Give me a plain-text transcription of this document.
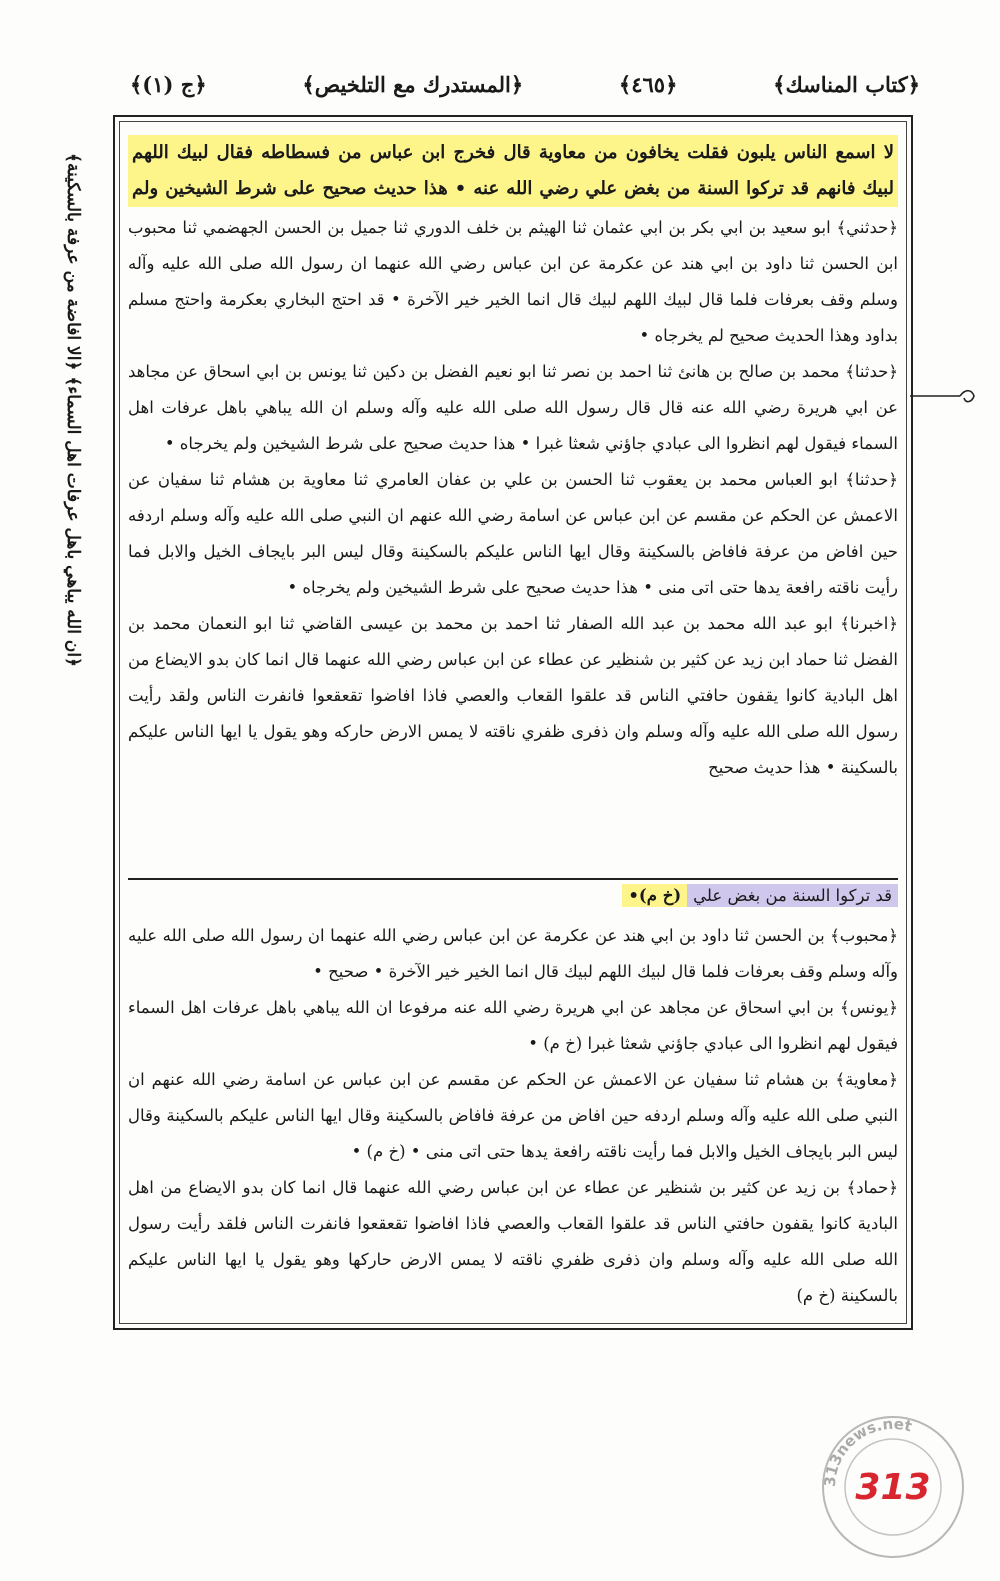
﴿ج (١)﴾	﴿المستدرك مع التلخيص﴾	﴿٤٦٥﴾	﴿كتاب المناسك﴾

لا اسمع الناس يلبون فقلت يخافون من معاوية قال فخرج ابن عباس من فسطاطه فقال لبيك اللهم لبيك فانهم قد تركوا السنة من بغض علي رضي الله عنه • هذا حديث صحيح على شرط الشيخين ولم

﴿حدثني﴾ ابو سعيد بن ابي بكر بن ابي عثمان ثنا الهيثم بن خلف الدوري ثنا جميل بن الحسن الجهضمي ثنا محبوب ابن الحسن ثنا داود بن ابي هند عن عكرمة عن ابن عباس رضي الله عنهما ان رسول الله صلى الله عليه وآله وسلم وقف بعرفات فلما قال لبيك اللهم لبيك قال انما الخير خير الآخرة • قد احتج البخاري بعكرمة واحتج مسلم بداود وهذا الحديث صحيح لم يخرجاه •

﴿حدثنا﴾ محمد بن صالح بن هانئ ثنا احمد بن نصر ثنا ابو نعيم الفضل بن دكين ثنا يونس بن ابي اسحاق عن مجاهد عن ابي هريرة رضي الله عنه قال قال رسول الله صلى الله عليه وآله وسلم ان الله يباهي باهل عرفات اهل السماء فيقول لهم انظروا الى عبادي جاؤني شعثا غبرا • هذا حديث صحيح على شرط الشيخين ولم يخرجاه •

﴿حدثنا﴾ ابو العباس محمد بن يعقوب ثنا الحسن بن علي بن عفان العامري ثنا معاوية بن هشام ثنا سفيان عن الاعمش عن الحكم عن مقسم عن ابن عباس عن اسامة رضي الله عنهم ان النبي صلى الله عليه وآله وسلم اردفه حين افاض من عرفة فافاض بالسكينة وقال ايها الناس عليكم بالسكينة وقال ليس البر بايجاف الخيل والابل فما رأيت ناقته رافعة يدها حتى اتى منى • هذا حديث صحيح على شرط الشيخين ولم يخرجاه •

﴿اخبرنا﴾ ابو عبد الله محمد بن عبد الله الصفار ثنا احمد بن محمد بن عيسى القاضي ثنا ابو النعمان محمد بن الفضل ثنا حماد ابن زيد عن كثير بن شنظير عن عطاء عن ابن عباس رضي الله عنهما قال انما كان بدو الايضاع من اهل البادية كانوا يقفون حافتي الناس قد علقوا القعاب والعصي فاذا افاضوا تقعقعوا فانفرت الناس ولقد رأيت رسول الله صلى الله عليه وآله وسلم وان ذفرى ظفري ناقته لا يمس الارض حاركه وهو يقول يا ايها الناس عليكم بالسكينة • هذا حديث صحيح

قد تركوا السنة من بغض علي
(خ م)•

﴿محبوب﴾ بن الحسن ثنا داود بن ابي هند عن عكرمة عن ابن عباس رضي الله عنهما ان رسول الله صلى الله عليه وآله وسلم وقف بعرفات فلما قال لبيك اللهم لبيك قال انما الخير خير الآخرة • صحيح •

﴿يونس﴾ بن ابي اسحاق عن مجاهد عن ابي هريرة رضي الله عنه مرفوعا ان الله يباهي باهل عرفات اهل السماء فيقول لهم انظروا الى عبادي جاؤني شعثا غبرا (خ م) •

﴿معاوية﴾ بن هشام ثنا سفيان عن الاعمش عن الحكم عن مقسم عن ابن عباس عن اسامة رضي الله عنهم ان النبي صلى الله عليه وآله وسلم اردفه حين افاض من عرفة فافاض بالسكينة وقال ايها الناس عليكم بالسكينة وقال ليس البر بايجاف الخيل والابل فما رأيت ناقته رافعة يدها حتى اتى منى • (خ م) •

﴿حماد﴾ بن زيد عن كثير بن شنظير عن عطاء عن ابن عباس رضي الله عنهما قال انما كان بدو الايضاع من اهل البادية كانوا يقفون حافتي الناس قد علقوا القعاب والعصي فاذا افاضوا تقعقعوا فانفرت الناس فلقد رأيت رسول الله صلى الله عليه وآله وسلم وان ذفرى ظفري ناقته لا يمس الارض حاركها وهو يقول يا ايها الناس عليكم بالسكينة (خ م)

﴿ان الله يباهي باهل عرفات اهل السماء﴾ ﴿الا افاضة من عرفة بالسكينة﴾
313news.net
313
